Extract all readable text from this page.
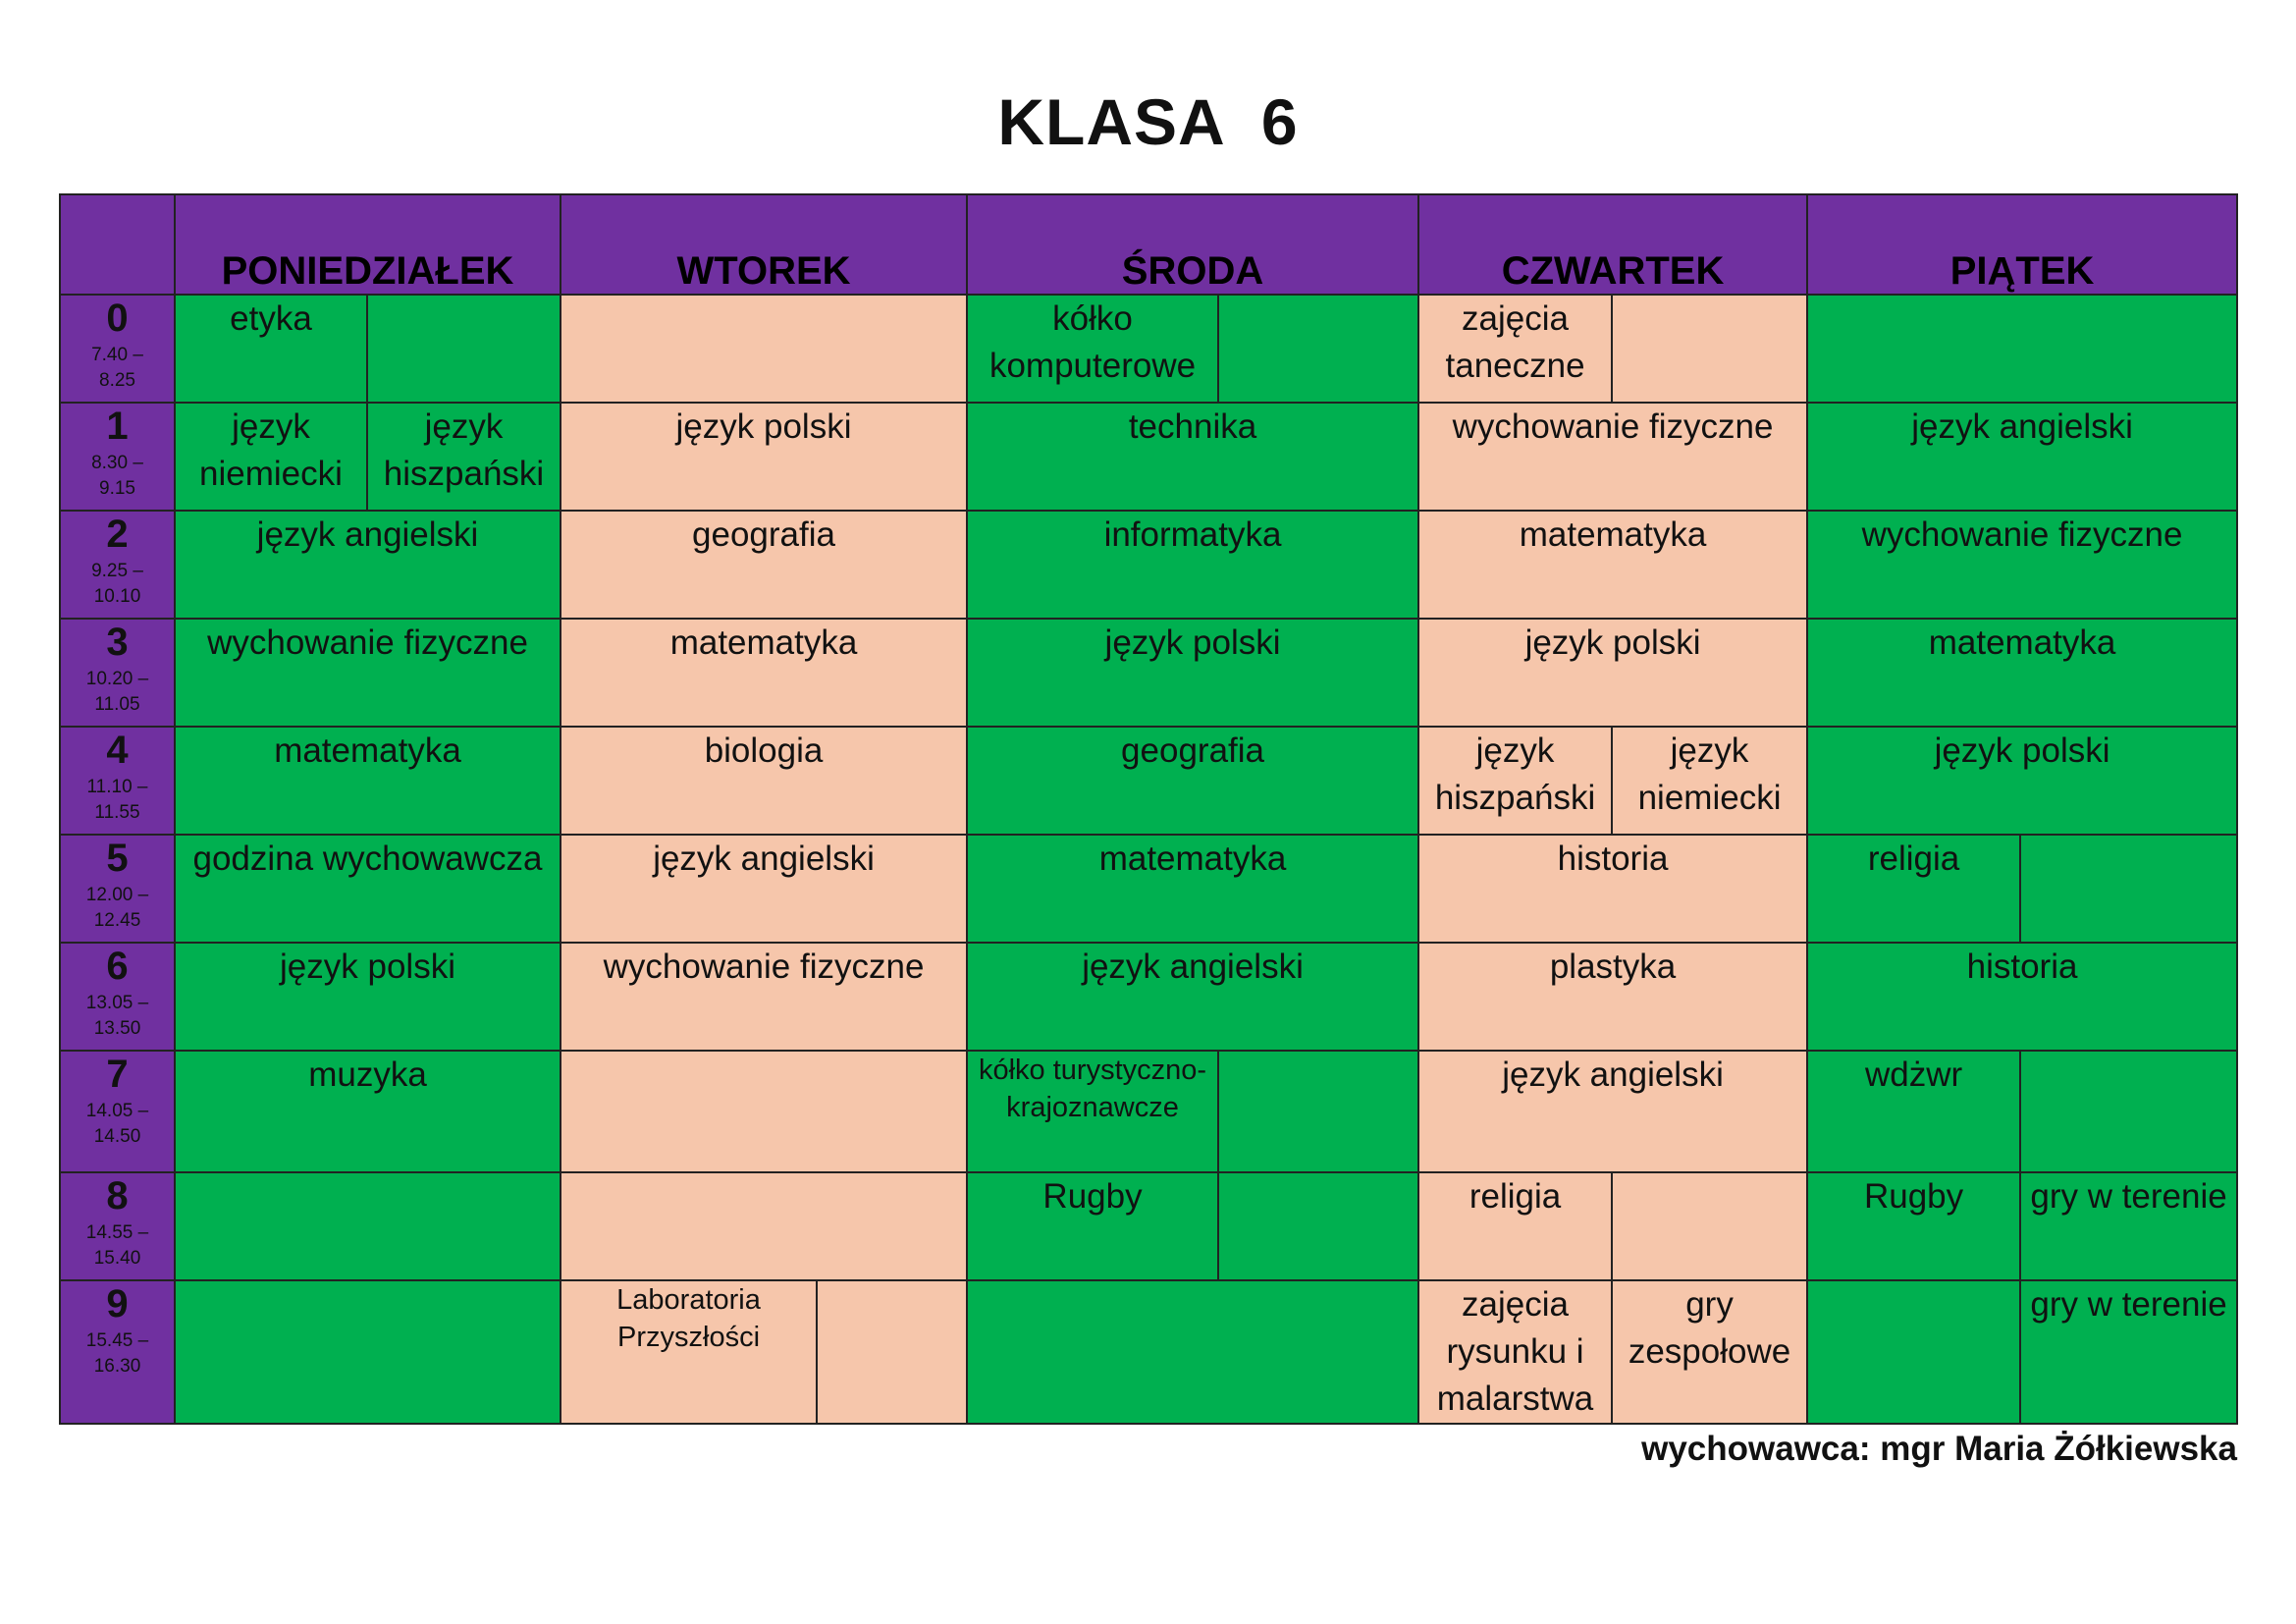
KLASA  6
	PONIEDZIAŁEK		WTOREK		ŚRODA		CZWARTEK		PIĄTEK	

0
7.40 –
8.25	etyka				kółko komputerowe		zajęcia taneczne			

1
8.30 –
9.15	język niemiecki	język hiszpański	język polski		technika		wychowanie fizyczne		język angielski	

2
9.25 –
10.10	język angielski		geografia		informatyka		matematyka		wychowanie fizyczne	

3
10.20 –
11.05	wychowanie fizyczne		matematyka		język polski		język polski		matematyka	

4
11.10 –
11.55	matematyka		biologia		geografia		język hiszpański	język niemiecki	język polski	

5
12.00 –
12.45	godzina wychowawcza		język angielski		matematyka		historia		religia	

6
13.05 –
13.50	język polski		wychowanie fizyczne		język angielski		plastyka		historia	

7
14.05 –
14.50	muzyka				kółko turystyczno-krajoznawcze		język angielski		wdżwr	

8
14.55 –
15.40					Rugby		religia		Rugby	gry w terenie

9
15.45 –
16.30			Laboratoria Przyszłości				zajęcia rysunku i malarstwa	gry zespołowe		gry w terenie
wychowawca: mgr Maria Żółkiewska
